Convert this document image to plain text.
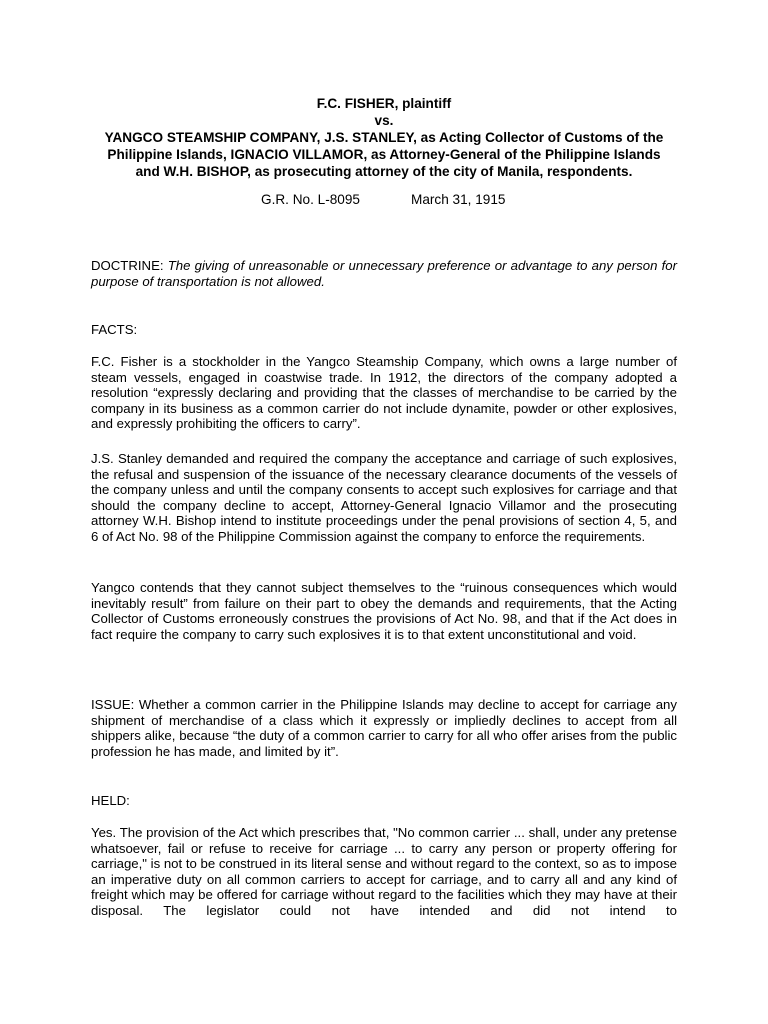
F.C. FISHER, plaintiff
vs.
YANGCO STEAMSHIP COMPANY, J.S. STANLEY, as Acting Collector of Customs of the
Philippine Islands, IGNACIO VILLAMOR, as Attorney-General of the Philippine Islands
and W.H. BISHOP, as prosecuting attorney of the city of Manila, respondents.
G.R. No. L-8095	March 31, 1915
DOCTRINE: The giving of unreasonable or unnecessary preference or advantage to any person for purpose of transportation is not allowed.
FACTS:
F.C. Fisher is a stockholder in the Yangco Steamship Company, which owns a large number of steam vessels, engaged in coastwise trade. In 1912, the directors of the company adopted a resolution “expressly declaring and providing that the classes of merchandise to be carried by the company in its business as a common carrier do not include dynamite, powder or other explosives, and expressly prohibiting the officers to carry”.
J.S. Stanley demanded and required the company the acceptance and carriage of such explosives, the refusal and suspension of the issuance of the necessary clearance documents of the vessels of the company unless and until the company consents to accept such explosives for carriage and that should the company decline to accept, Attorney-General Ignacio Villamor and the prosecuting attorney W.H. Bishop intend to institute proceedings under the penal provisions of section 4, 5, and 6 of Act No. 98 of the Philippine Commission against the company to enforce the requirements.
Yangco contends that they cannot subject themselves to the “ruinous consequences which would inevitably result” from failure on their part to obey the demands and requirements, that the Acting Collector of Customs erroneously construes the provisions of Act No. 98, and that if the Act does in fact require the company to carry such explosives it is to that extent unconstitutional and void.
ISSUE: Whether a common carrier in the Philippine Islands may decline to accept for carriage any shipment of merchandise of a class which it expressly or impliedly declines to accept from all shippers alike, because “the duty of a common carrier to carry for all who offer arises from the public profession he has made, and limited by it”.
HELD:
Yes. The provision of the Act which prescribes that, "No common carrier ... shall, under any pretense whatsoever, fail or refuse to receive for carriage ... to carry any person or property offering for carriage," is not to be construed in its literal sense and without regard to the context, so as to impose an imperative duty on all common carriers to accept for carriage, and to carry all and any kind of freight which may be offered for carriage without regard to the facilities which they may have at their disposal. The legislator could not have intended and did not intend to
